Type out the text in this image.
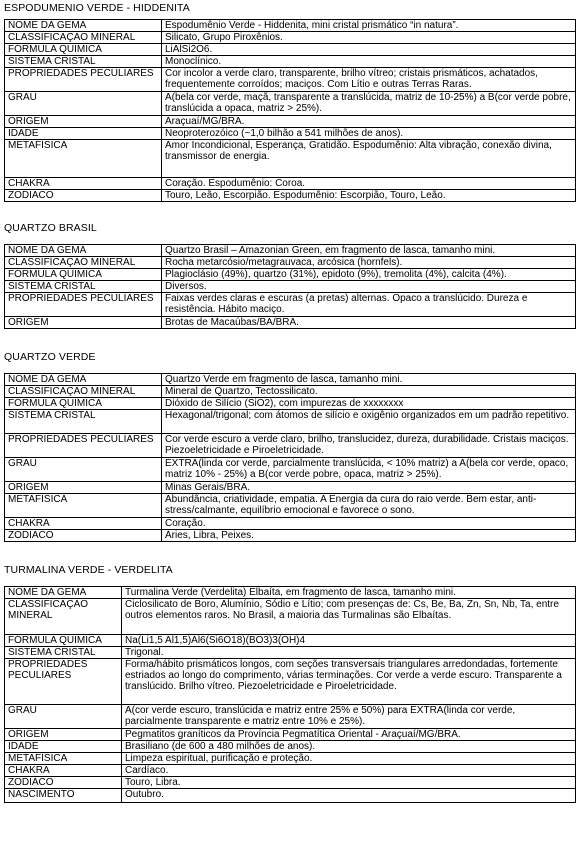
ESPODUMENIO VERDE - HIDDENITA
NOME DA GEMA	Espodumênio Verde - Hiddenita, mini cristal prismático “in natura”.
CLASSIFICAÇÃO MINERAL	Silicato, Grupo Piroxênios.
FÓRMULA QUIMICA	LiAlSi2O6.
SISTEMA CRISTAL	Monoclínico.
PROPRIEDADES PECULIARES	Cor incolor a verde claro, transparente, brilho vítreo; cristais prismáticos, achatados, frequentemente corroídos; maciços. Com Lítio e outras Terras Raras.
GRAU	A(bela cor verde, maçã, transparente a translúcida, matriz de 10-25%) a B(cor verde pobre, translúcida a opaca, matriz > 25%).
ORIGEM	Araçuaí/MG/BRA.
IDADE	Neoproterozóico (~1,0 bilhão a 541 milhões de anos).
METAFÍSICA	Amor Incondicional, Esperança, Gratidão. Espodumênio: Alta vibração, conexão divina, transmissor de energia.
CHAKRA	Coração. Espodumênio: Coroa.
ZODIACO	Touro, Leão, Escorpião. Espodumênio: Escorpião, Touro, Leão.
QUARTZO BRASIL
NOME DA GEMA	Quartzo Brasil – Amazonian Green, em fragmento de lasca, tamanho mini.
CLASSIFICAÇÃO MINERAL	Rocha metarcósio/metagrauvaca, arcósica (hornfels).
FÓRMULA QUIMICA	Plagioclásio (49%), quartzo (31%), epidoto (9%), tremolita (4%), calcita (4%).
SISTEMA CRISTAL	Diversos.
PROPRIEDADES PECULIARES	Faixas verdes claras e escuras (a pretas) alternas. Opaco a translúcido. Dureza e resistência. Hábito maciço.
ORIGEM	Brotas de Macaúbas/BA/BRA.
QUARTZO VERDE
NOME DA GEMA	Quartzo Verde em fragmento de lasca, tamanho mini.
CLASSIFICAÇÃO MINERAL	Mineral de Quartzo, Tectossilicato.
FÓRMULA QUIMICA	Dióxido de Silício (SiO2), com impurezas de xxxxxxxx
SISTEMA CRISTAL	Hexagonal/trigonal; com átomos de silício e oxigênio organizados em um padrão repetitivo.
PROPRIEDADES PECULIARES	Cor verde escuro a verde claro, brilho, translucidez, dureza, durabilidade. Cristais maciços. Piezoeletricidade e Piroeletricidade.
GRAU	EXTRA(linda cor verde, parcialmente translúcida, < 10% matriz) a A(bela cor verde, opaco, matriz 10% - 25%) a B(cor verde pobre, opaca, matriz > 25%).
ORIGEM	Minas Gerais/BRA.
METAFÍSICA	Abundância, criatividade, empatia. A Energia da cura do raio verde. Bem estar, anti-stress/calmante, equilíbrio emocional e favorece o sono.
CHAKRA	Coração.
ZODIACO	Áries, Libra, Peixes.
TURMALINA VERDE - VERDELITA
NOME DA GEMA	Turmalina Verde (Verdelita) Elbaíta, em fragmento de lasca, tamanho mini.
CLASSIFICAÇÃO MINERAL	Ciclosilicato de Boro, Alumínio, Sódio e Lítio; com presenças de: Cs, Be, Ba, Zn, Sn, Nb, Ta, entre outros elementos raros. No Brasil, a maioria das Turmalinas são Elbaítas.
FÓRMULA QUIMICA	Na(Li1,5 Al1,5)Al6(Si6O18)(BO3)3(OH)4
SISTEMA CRISTAL	Trigonal.
PROPRIEDADES PECULIARES	Forma/hábito prismáticos longos, com seções transversais triangulares arredondadas, fortemente estriados ao longo do comprimento, várias terminações. Cor verde a verde escuro. Transparente a translúcido. Brilho vítreo. Piezoeletricidade e Piroeletricidade.
GRAU	A(cor verde escuro, translúcida e matriz entre 25% e 50%) para EXTRA(linda cor verde, parcialmente transparente e matriz entre 10% e 25%).
ORIGEM	Pegmatitos graníticos da Província Pegmatítica Oriental - Araçuaí/MG/BRA.
IDADE	Brasiliano (de 600 a 480 milhões de anos).
METAFÍSICA	Limpeza espiritual, purificação e proteção.
CHAKRA	Cardíaco.
ZODIACO	Touro, Libra.
NASCIMENTO	Outubro.
